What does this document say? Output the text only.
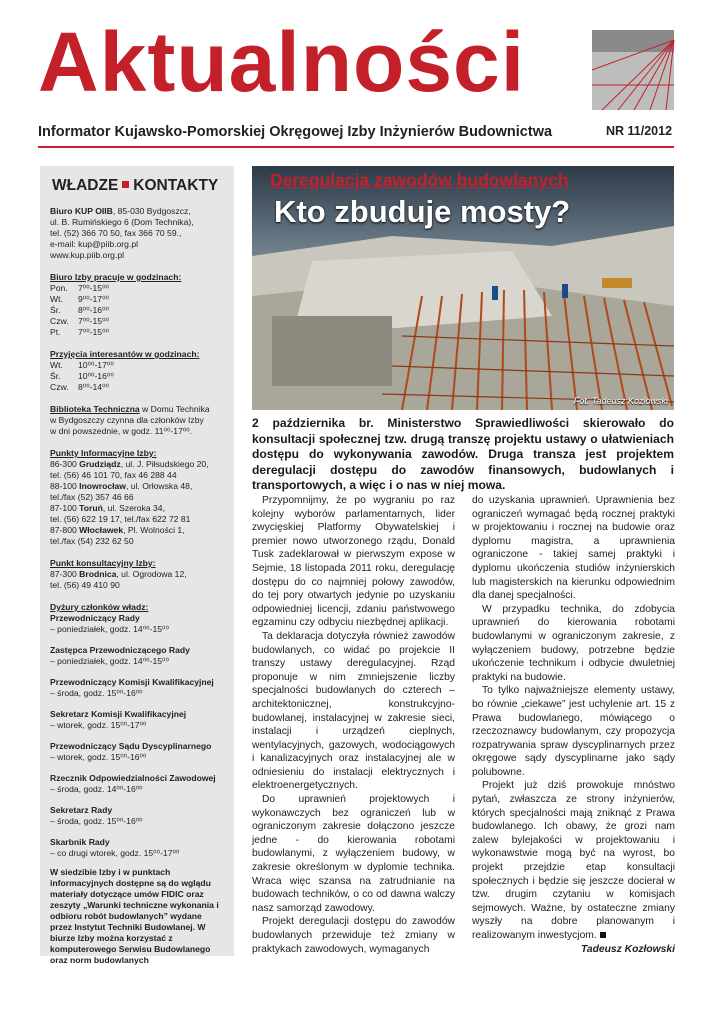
Aktualności
Informator Kujawsko-Pomorskiej Okręgowej Izby Inżynierów Budownictwa	NR 11/2012
WŁADZE KONTAKTY
Biuro KUP OIIB, 85-030 Bydgoszcz,
ul. B. Rumińskiego 6 (Dom Technika),
tel. (52) 366 70 50, fax 366 70 59.,
e-mail: kup@piib.org.pl
www.kup.piib.org.pl
Biuro Izby pracuje w godzinach:
Pon.	7⁰⁰-15⁰⁰
Wt.	9⁰⁰-17⁰⁰
Śr.	8⁰⁰-16⁰⁰
Czw.	7⁰⁰-15⁰⁰
Pt.	7⁰⁰-15⁰⁰
Przyjęcia interesantów w godzinach:
Wt.	10⁰⁰-17⁰⁰
Śr.	10⁰⁰-16⁰⁰
Czw.	8⁰⁰-14⁰⁰
Biblioteka Techniczna w Domu Technika
w Bydgoszczy czynna dla członków Izby
w dni powszednie, w godz. 11⁰⁰-17⁰⁰.
Punkty Informacyjne Izby:
86-300 Grudziądz, ul. J. Piłsudskiego 20,
tel. (56) 46 101 70, fax 46 288 44
88-100 Inowrocław, ul. Orłowska 48,
tel./fax (52) 357 46 66
87-100 Toruń, ul. Szeroka 34,
tel. (56) 622 19 17, tel./fax 622 72 81
87-800 Włocławek, Pl. Wolności 1,
tel./fax (54) 232 62 50
Punkt konsultacyjny Izby:
87-300 Brodnica, ul. Ogrodowa 12,
tel. (56) 49 410 90
Dyżury członków władz:
Przewodniczący Rady
– poniedziałek, godz. 14⁰⁰-15⁰⁰
Zastępca Przewodniczącego Rady
– poniedziałek, godz. 14⁰⁰-15⁰⁰
Przewodniczący Komisji Kwalifikacyjnej
– środa, godz. 15⁰⁰-16⁰⁰
Sekretarz Komisji Kwalifikacyjnej
– wtorek, godz. 15⁰⁰-17⁰⁰
Przewodniczący Sądu Dyscyplinarnego
– wtorek, godz. 15⁰⁰-16⁰⁰
Rzecznik Odpowiedzialności Zawodowej
– środa, godz. 14⁰⁰-16⁰⁰
Sekretarz Rady
– środa, godz. 15⁰⁰-16⁰⁰
Skarbnik Rady
– co drugi wtorek, godz. 15⁰⁰-17⁰⁰
W siedzibie Izby i w punktach informacyjnych dostępne są do wglądu materiały dotyczące umów FIDIC oraz zeszyty „Warunki techniczne wykonania i odbioru robót budowlanych” wydane przez Instytut Techniki Budowlanej. W biurze Izby można korzystać z komputerowego Serwisu Budowlanego oraz norm budowlanych
Deregulacja zawodów budowlanych
Kto zbuduje mosty?
Fot. Tadeusz Kozłowski
2 października br. Ministerstwo Sprawiedliwości skierowało do konsultacji społecznej tzw. drugą transzę projektu ustawy o ułatwieniach dostępu do wykonywania zawodów. Druga transza jest projektem deregulacji dostępu do zawodów finansowych, budowlanych i transportowych, a więc i o nas w niej mowa.

Przypomnijmy, że po wygraniu po raz kolejny wyborów parlamentarnych, lider zwycięskiej Platformy Obywatelskiej i premier nowo utworzonego rządu, Donald Tusk zadeklarował w pierwszym expose w Sejmie, 18 listopada 2011 roku, deregulację dostępu do co najmniej połowy zawodów, do tej pory otwartych jedynie po uzyskaniu odpowiedniej licencji, zdaniu państwowego egzaminu czy odbyciu niezbędnej aplikacji.

Ta deklaracja dotyczyła również zawodów budowlanych, co widać po projekcie II transzy ustawy deregulacyjnej. Rząd proponuje w nim zmniejszenie liczby specjalności budowlanych do czterech – architektonicznej, konstrukcyjno-budowlanej, instalacyjnej w zakresie sieci, instalacji i urządzeń cieplnych, wentylacyjnych, gazowych, wodociągowych i kanalizacyjnych oraz instalacyjnej ale w odniesieniu do instalacji elektrycznych i elektroenergetycznych.

Do uprawnień projektowych i wykonawczych bez ograniczeń lub w ograniczonym zakresie dołączono jeszcze jedne - do kierowania robotami budowlanymi, z wyłączeniem budowy, w zakresie określonym w dyplomie technika. Wraca więc szansa na zatrudnianie na budowach techników, o co od dawna walczy nasz samorząd zawodowy.

Projekt deregulacji dostępu do zawodów budowlanych przewiduje też zmiany w praktykach zawodowych, wymaganych

do uzyskania uprawnień. Uprawnienia bez ograniczeń wymagać będą rocznej praktyki w projektowaniu i rocznej na budowie oraz dyplomu magistra, a uprawnienia ograniczone - takiej samej praktyki i dyplomu ukończenia studiów inżynierskich lub magisterskich na kierunku odpowiednim dla danej specjalności.

W przypadku technika, do zdobycia uprawnień do kierowania robotami budowlanymi w ograniczonym zakresie, z wyłączeniem budowy, potrzebne będzie ukończenie technikum i odbycie dwuletniej praktyki na budowie.

To tylko najważniejsze elementy ustawy, bo równie „ciekawe” jest uchylenie art. 15 z Prawa budowlanego, mówiącego o rzeczoznawcy budowlanym, czy propozycja rozpatrywania spraw dyscyplinarnych przez okręgowe sądy dyscyplinarne jako sądy polubowne.

Projekt już dziś prowokuje mnóstwo pytań, zwłaszcza ze strony inżynierów, których specjalności mają zniknąć z Prawa budowlanego. Ich obawy, że grozi nam zalew bylejakości w projektowaniu i wykonawstwie mogą być na wyrost, bo projekt przejdzie etap konsultacji społecznych i będzie się jeszcze docierał w tzw. drugim czytaniu w komisjach sejmowych. Ważne, by ostateczne zmiany wyszły na dobre planowanym i realizowanym inwestycjom.

Tadeusz Kozłowski
